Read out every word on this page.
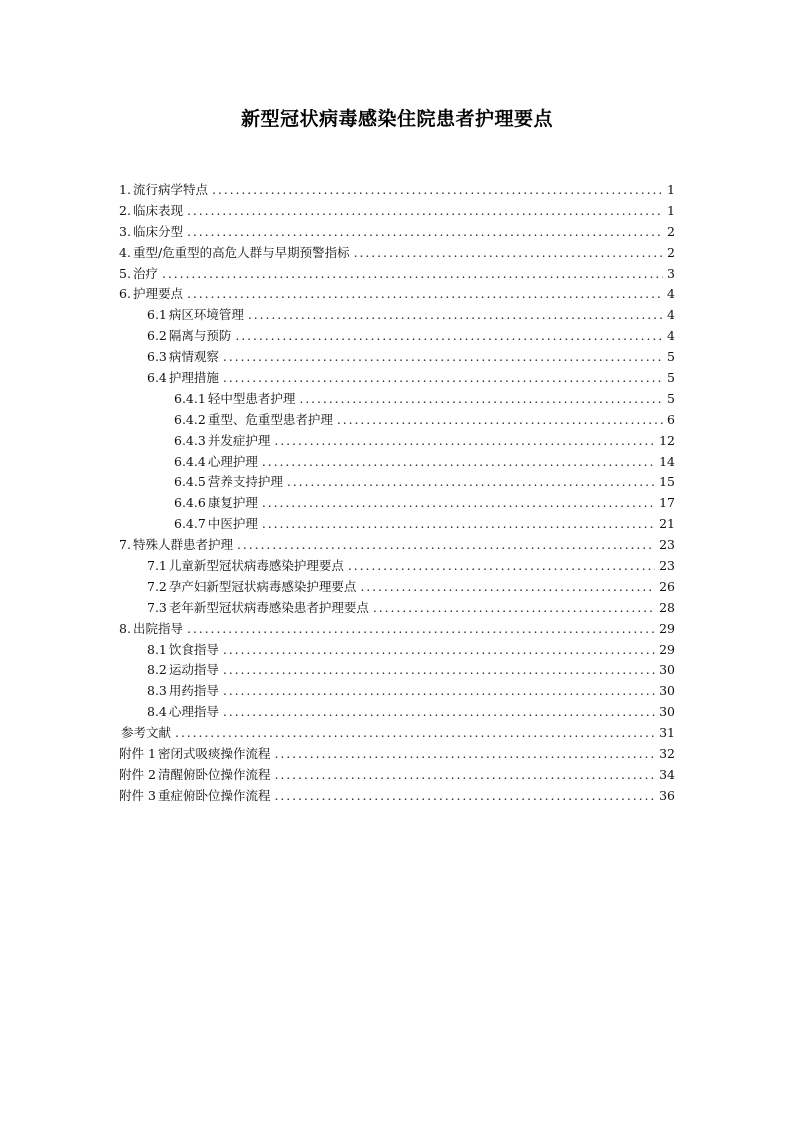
新型冠状病毒感染住院患者护理要点
1. 流行病学特点 .....	1
2. 临床表现 .....	1
3. 临床分型 .....	2
4. 重型/危重型的高危人群与早期预警指标 .....	2
5. 治疗 .....	3
6. 护理要点 .....	4
6.1 病区环境管理 .....	4
6.2 隔离与预防 .....	4
6.3 病情观察 .....	5
6.4 护理措施 .....	5
6.4.1 轻中型患者护理 .....	5
6.4.2 重型、危重型患者护理 .....	6
6.4.3 并发症护理 .....	12
6.4.4 心理护理 .....	14
6.4.5 营养支持护理 .....	15
6.4.6 康复护理 .....	17
6.4.7 中医护理 .....	21
7. 特殊人群患者护理 .....	23
7.1 儿童新型冠状病毒感染护理要点 .....	23
7.2 孕产妇新型冠状病毒感染护理要点 .....	26
7.3 老年新型冠状病毒感染患者护理要点 .....	28
8. 出院指导 .....	29
8.1 饮食指导 .....	29
8.2 运动指导 .....	30
8.3 用药指导 .....	30
8.4 心理指导 .....	30
参考文献 .....	31
附件 1 密闭式吸痰操作流程 .....	32
附件 2 清醒俯卧位操作流程 .....	34
附件 3 重症俯卧位操作流程 .....	36
